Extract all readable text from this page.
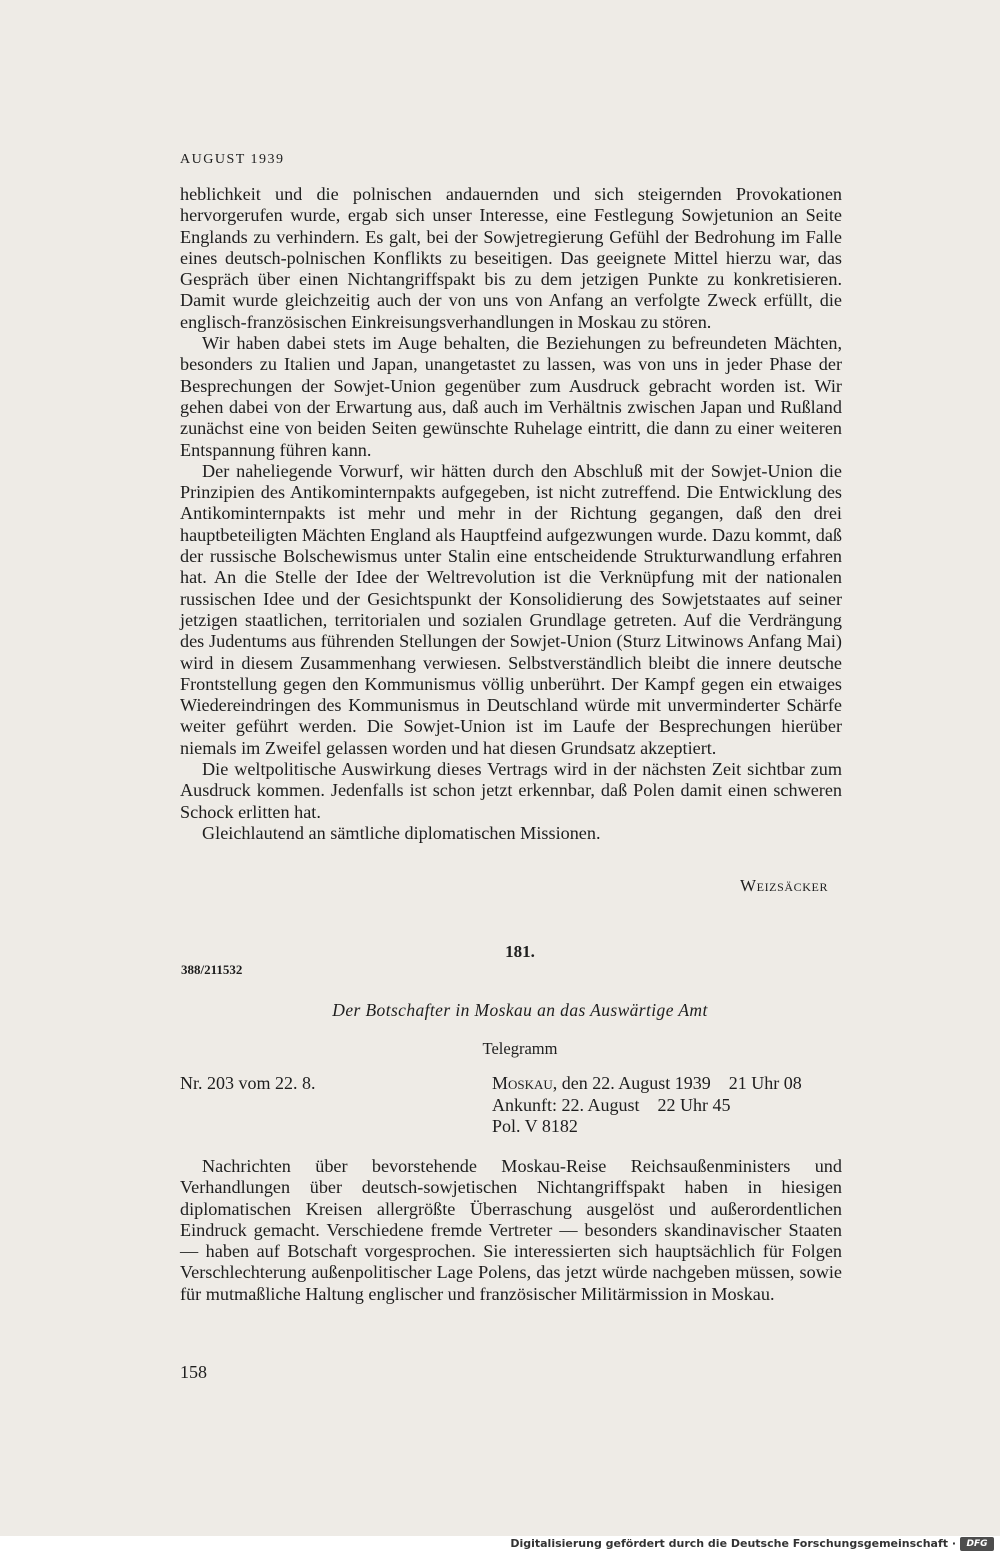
AUGUST 1939

heblichkeit und die polnischen andauernden und sich steigernden Provokationen hervorgerufen wurde, ergab sich unser Interesse, eine Festlegung Sowjetunion an Seite Englands zu verhindern. Es galt, bei der Sowjetregierung Gefühl der Bedrohung im Falle eines deutsch-polnischen Konflikts zu beseitigen. Das geeignete Mittel hierzu war, das Gespräch über einen Nichtangriffspakt bis zu dem jetzigen Punkte zu konkretisieren. Damit wurde gleichzeitig auch der von uns von Anfang an verfolgte Zweck erfüllt, die englisch-französischen Einkreisungsverhandlungen in Moskau zu stören.

Wir haben dabei stets im Auge behalten, die Beziehungen zu befreundeten Mächten, besonders zu Italien und Japan, unangetastet zu lassen, was von uns in jeder Phase der Besprechungen der Sowjet-Union gegenüber zum Ausdruck gebracht worden ist. Wir gehen dabei von der Erwartung aus, daß auch im Verhältnis zwischen Japan und Rußland zunächst eine von beiden Seiten gewünschte Ruhelage eintritt, die dann zu einer weiteren Entspannung führen kann.

Der naheliegende Vorwurf, wir hätten durch den Abschluß mit der Sowjet-Union die Prinzipien des Antikominternpakts aufgegeben, ist nicht zutreffend. Die Entwicklung des Antikominternpakts ist mehr und mehr in der Richtung gegangen, daß den drei hauptbeteiligten Mächten England als Hauptfeind aufgezwungen wurde. Dazu kommt, daß der russische Bolschewismus unter Stalin eine entscheidende Strukturwandlung erfahren hat. An die Stelle der Idee der Weltrevolution ist die Verknüpfung mit der nationalen russischen Idee und der Gesichtspunkt der Konsolidierung des Sowjetstaates auf seiner jetzigen staatlichen, territorialen und sozialen Grundlage getreten. Auf die Verdrängung des Judentums aus führenden Stellungen der Sowjet-Union (Sturz Litwinows Anfang Mai) wird in diesem Zusammenhang verwiesen. Selbstverständlich bleibt die innere deutsche Frontstellung gegen den Kommunismus völlig unberührt. Der Kampf gegen ein etwaiges Wiedereindringen des Kommunismus in Deutschland würde mit unverminderter Schärfe weiter geführt werden. Die Sowjet-Union ist im Laufe der Besprechungen hierüber niemals im Zweifel gelassen worden und hat diesen Grundsatz akzeptiert.

Die weltpolitische Auswirkung dieses Vertrags wird in der nächsten Zeit sichtbar zum Ausdruck kommen. Jedenfalls ist schon jetzt erkennbar, daß Polen damit einen schweren Schock erlitten hat.

Gleichlautend an sämtliche diplomatischen Missionen.

Weizsäcker
181.
388/211532
Der Botschafter in Moskau an das Auswärtige Amt
Telegramm
Nr. 203 vom 22. 8.	Moskau, den 22. August 1939    21 Uhr 08
Ankunft: 22. August    22 Uhr 45
Pol. V 8182

Nachrichten über bevorstehende Moskau-Reise Reichsaußenministers und Verhandlungen über deutsch-sowjetischen Nichtangriffspakt haben in hiesigen diplomatischen Kreisen allergrößte Überraschung ausgelöst und außerordentlichen Eindruck gemacht. Verschiedene fremde Vertreter — besonders skandinavischer Staaten — haben auf Botschaft vorgesprochen. Sie interessierten sich hauptsächlich für Folgen Verschlechterung außenpolitischer Lage Polens, das jetzt würde nachgeben müssen, sowie für mutmaßliche Haltung englischer und französischer Militärmission in Moskau.

158
Digitalisierung gefördert durch die Deutsche Forschungsgemeinschaft ·	DFG
